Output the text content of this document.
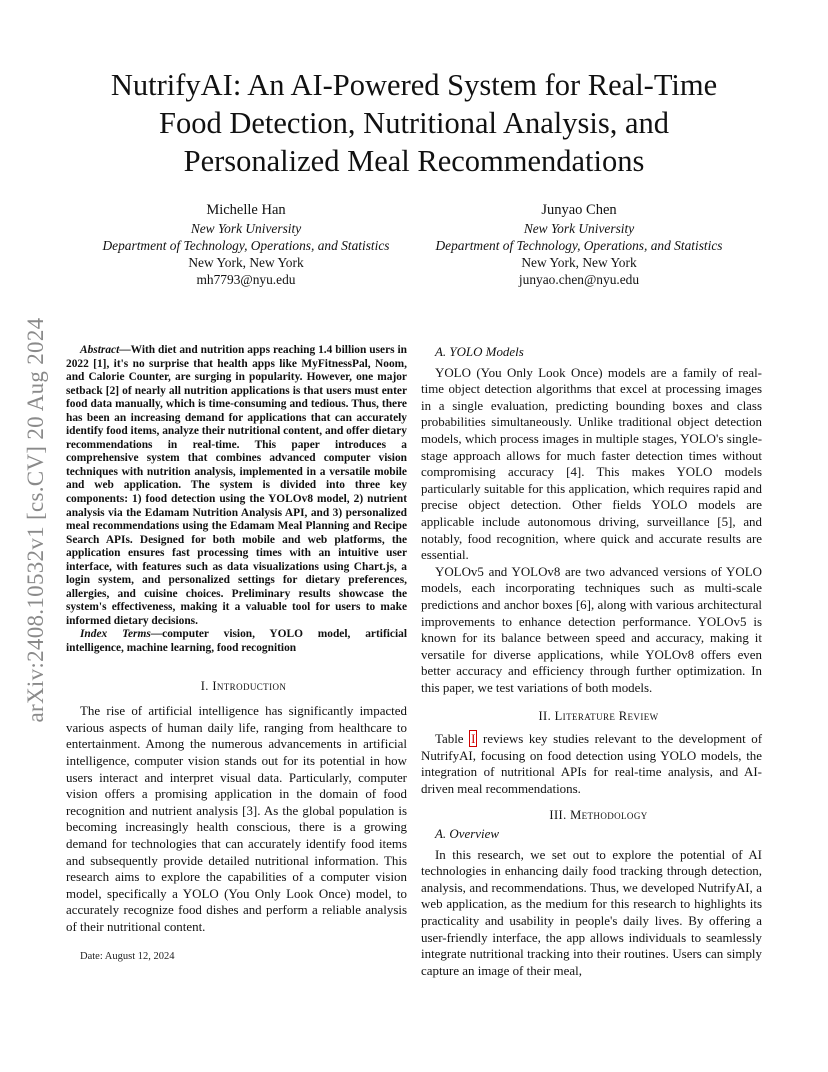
arXiv:2408.10532v1 [cs.CV] 20 Aug 2024
NutrifyAI: An AI-Powered System for Real-Time
Food Detection, Nutritional Analysis, and
Personalized Meal Recommendations
Michelle Han
New York University
Department of Technology, Operations, and Statistics
New York, New York
mh7793@nyu.edu
Junyao Chen
New York University
Department of Technology, Operations, and Statistics
New York, New York
junyao.chen@nyu.edu

Abstract—With diet and nutrition apps reaching 1.4 billion users in 2022 [1], it's no surprise that health apps like MyFitnessPal, Noom, and Calorie Counter, are surging in popularity. However, one major setback [2] of nearly all nutrition applications is that users must enter food data manually, which is time-consuming and tedious. Thus, there has been an increasing demand for applications that can accurately identify food items, analyze their nutritional content, and offer dietary recommendations in real-time. This paper introduces a comprehensive system that combines advanced computer vision techniques with nutrition analysis, implemented in a versatile mobile and web application. The system is divided into three key components: 1) food detection using the YOLOv8 model, 2) nutrient analysis via the Edamam Nutrition Analysis API, and 3) personalized meal recommendations using the Edamam Meal Planning and Recipe Search APIs. Designed for both mobile and web platforms, the application ensures fast processing times with an intuitive user interface, with features such as data visualizations using Chart.js, a login system, and personalized settings for dietary preferences, allergies, and cuisine choices. Preliminary results showcase the system's effectiveness, making it a valuable tool for users to make informed dietary decisions.

Index Terms—computer vision, YOLO model, artificial intelligence, machine learning, food recognition

I. Introduction

The rise of artificial intelligence has significantly impacted various aspects of human daily life, ranging from healthcare to entertainment. Among the numerous advancements in artificial intelligence, computer vision stands out for its potential in how users interact and interpret visual data. Particularly, computer vision offers a promising application in the domain of food recognition and nutrient analysis [3]. As the global population is becoming increasingly health conscious, there is a growing demand for technologies that can accurately identify food items and subsequently provide detailed nutritional information. This research aims to explore the capabilities of a computer vision model, specifically a YOLO (You Only Look Once) model, to accurately recognize food dishes and perform a reliable analysis of their nutritional content.

Date: August 12, 2024

A. YOLO Models

YOLO (You Only Look Once) models are a family of real-time object detection algorithms that excel at processing images in a single evaluation, predicting bounding boxes and class probabilities simultaneously. Unlike traditional object detection models, which process images in multiple stages, YOLO's single-stage approach allows for much faster detection times without compromising accuracy [4]. This makes YOLO models particularly suitable for this application, which requires rapid and precise object detection. Other fields YOLO models are applicable include autonomous driving, surveillance [5], and notably, food recognition, where quick and accurate results are essential.

YOLOv5 and YOLOv8 are two advanced versions of YOLO models, each incorporating techniques such as multi-scale predictions and anchor boxes [6], along with various architectural improvements to enhance detection performance. YOLOv5 is known for its balance between speed and accuracy, making it versatile for diverse applications, while YOLOv8 offers even better accuracy and efficiency through further optimization. In this paper, we test variations of both models.

II. Literature Review

Table I reviews key studies relevant to the development of NutrifyAI, focusing on food detection using YOLO models, the integration of nutritional APIs for real-time analysis, and AI-driven meal recommendations.

III. Methodology

A. Overview

In this research, we set out to explore the potential of AI technologies in enhancing daily food tracking through detection, analysis, and recommendations. Thus, we developed NutrifyAI, a web application, as the medium for this research to highlights its practicality and usability in people's daily lives. By offering a user-friendly interface, the app allows individuals to seamlessly integrate nutritional tracking into their routines. Users can simply capture an image of their meal,
